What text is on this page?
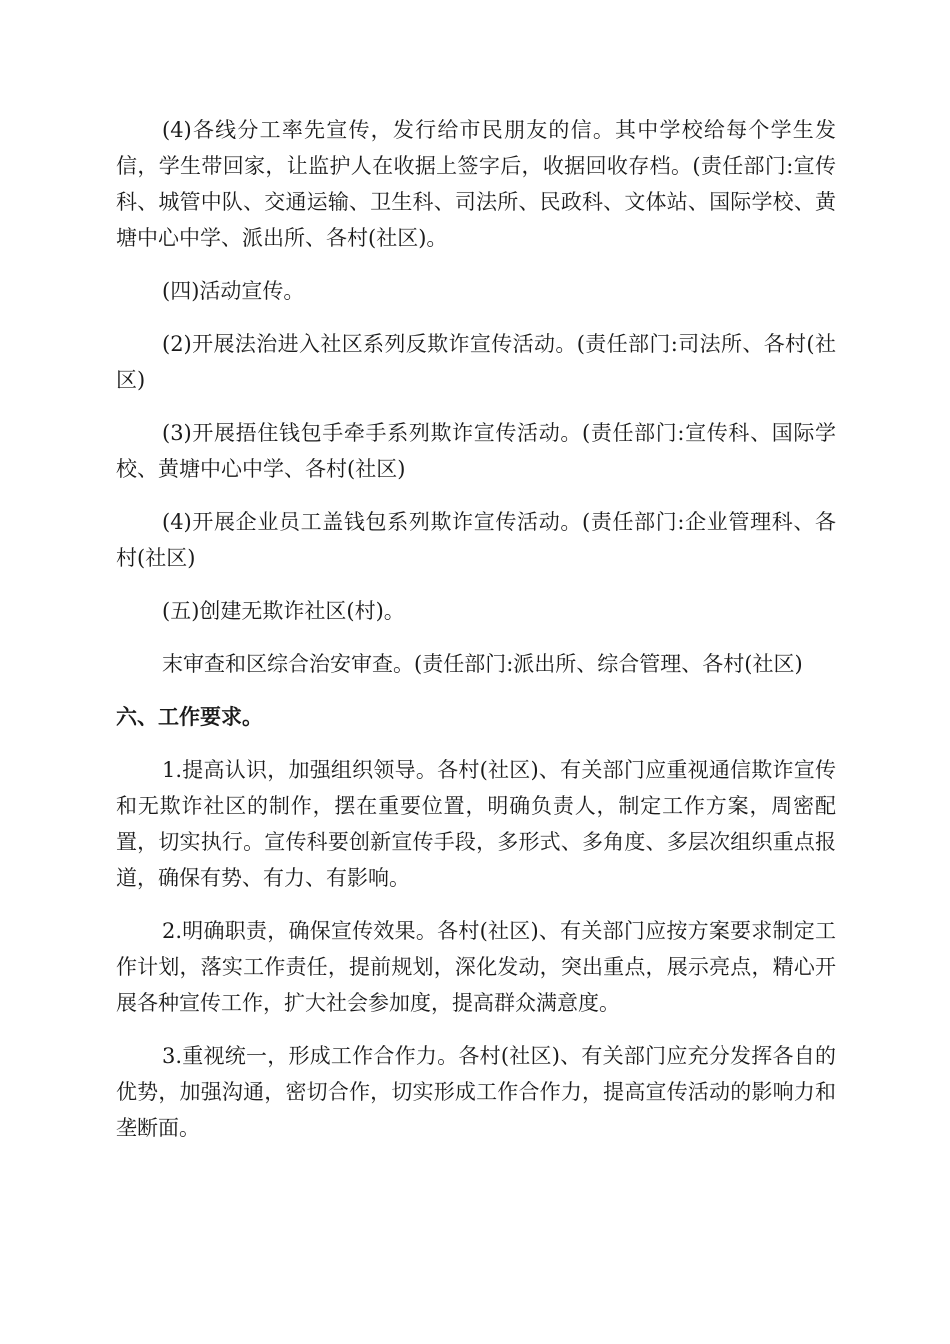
(4)各线分工率先宣传，发行给市民朋友的信。其中学校给每个学生发信，学生带回家，让监护人在收据上签字后，收据回收存档。(责任部门:宣传科、城管中队、交通运输、卫生科、司法所、民政科、文体站、国际学校、黄塘中心中学、派出所、各村(社区)。

(四)活动宣传。

(2)开展法治进入社区系列反欺诈宣传活动。(责任部门:司法所、各村(社区)

(3)开展捂住钱包手牵手系列欺诈宣传活动。(责任部门:宣传科、国际学校、黄塘中心中学、各村(社区)

(4)开展企业员工盖钱包系列欺诈宣传活动。(责任部门:企业管理科、各村(社区)

(五)创建无欺诈社区(村)。

末审查和区综合治安审查。(责任部门:派出所、综合管理、各村(社区)

六、工作要求。

1.提高认识，加强组织领导。各村(社区)、有关部门应重视通信欺诈宣传和无欺诈社区的制作，摆在重要位置，明确负责人，制定工作方案，周密配置，切实执行。宣传科要创新宣传手段，多形式、多角度、多层次组织重点报道，确保有势、有力、有影响。

2.明确职责，确保宣传效果。各村(社区)、有关部门应按方案要求制定工作计划，落实工作责任，提前规划，深化发动，突出重点，展示亮点，精心开展各种宣传工作，扩大社会参加度，提高群众满意度。

3.重视统一，形成工作合作力。各村(社区)、有关部门应充分发挥各自的优势，加强沟通，密切合作，切实形成工作合作力，提高宣传活动的影响力和垄断面。
